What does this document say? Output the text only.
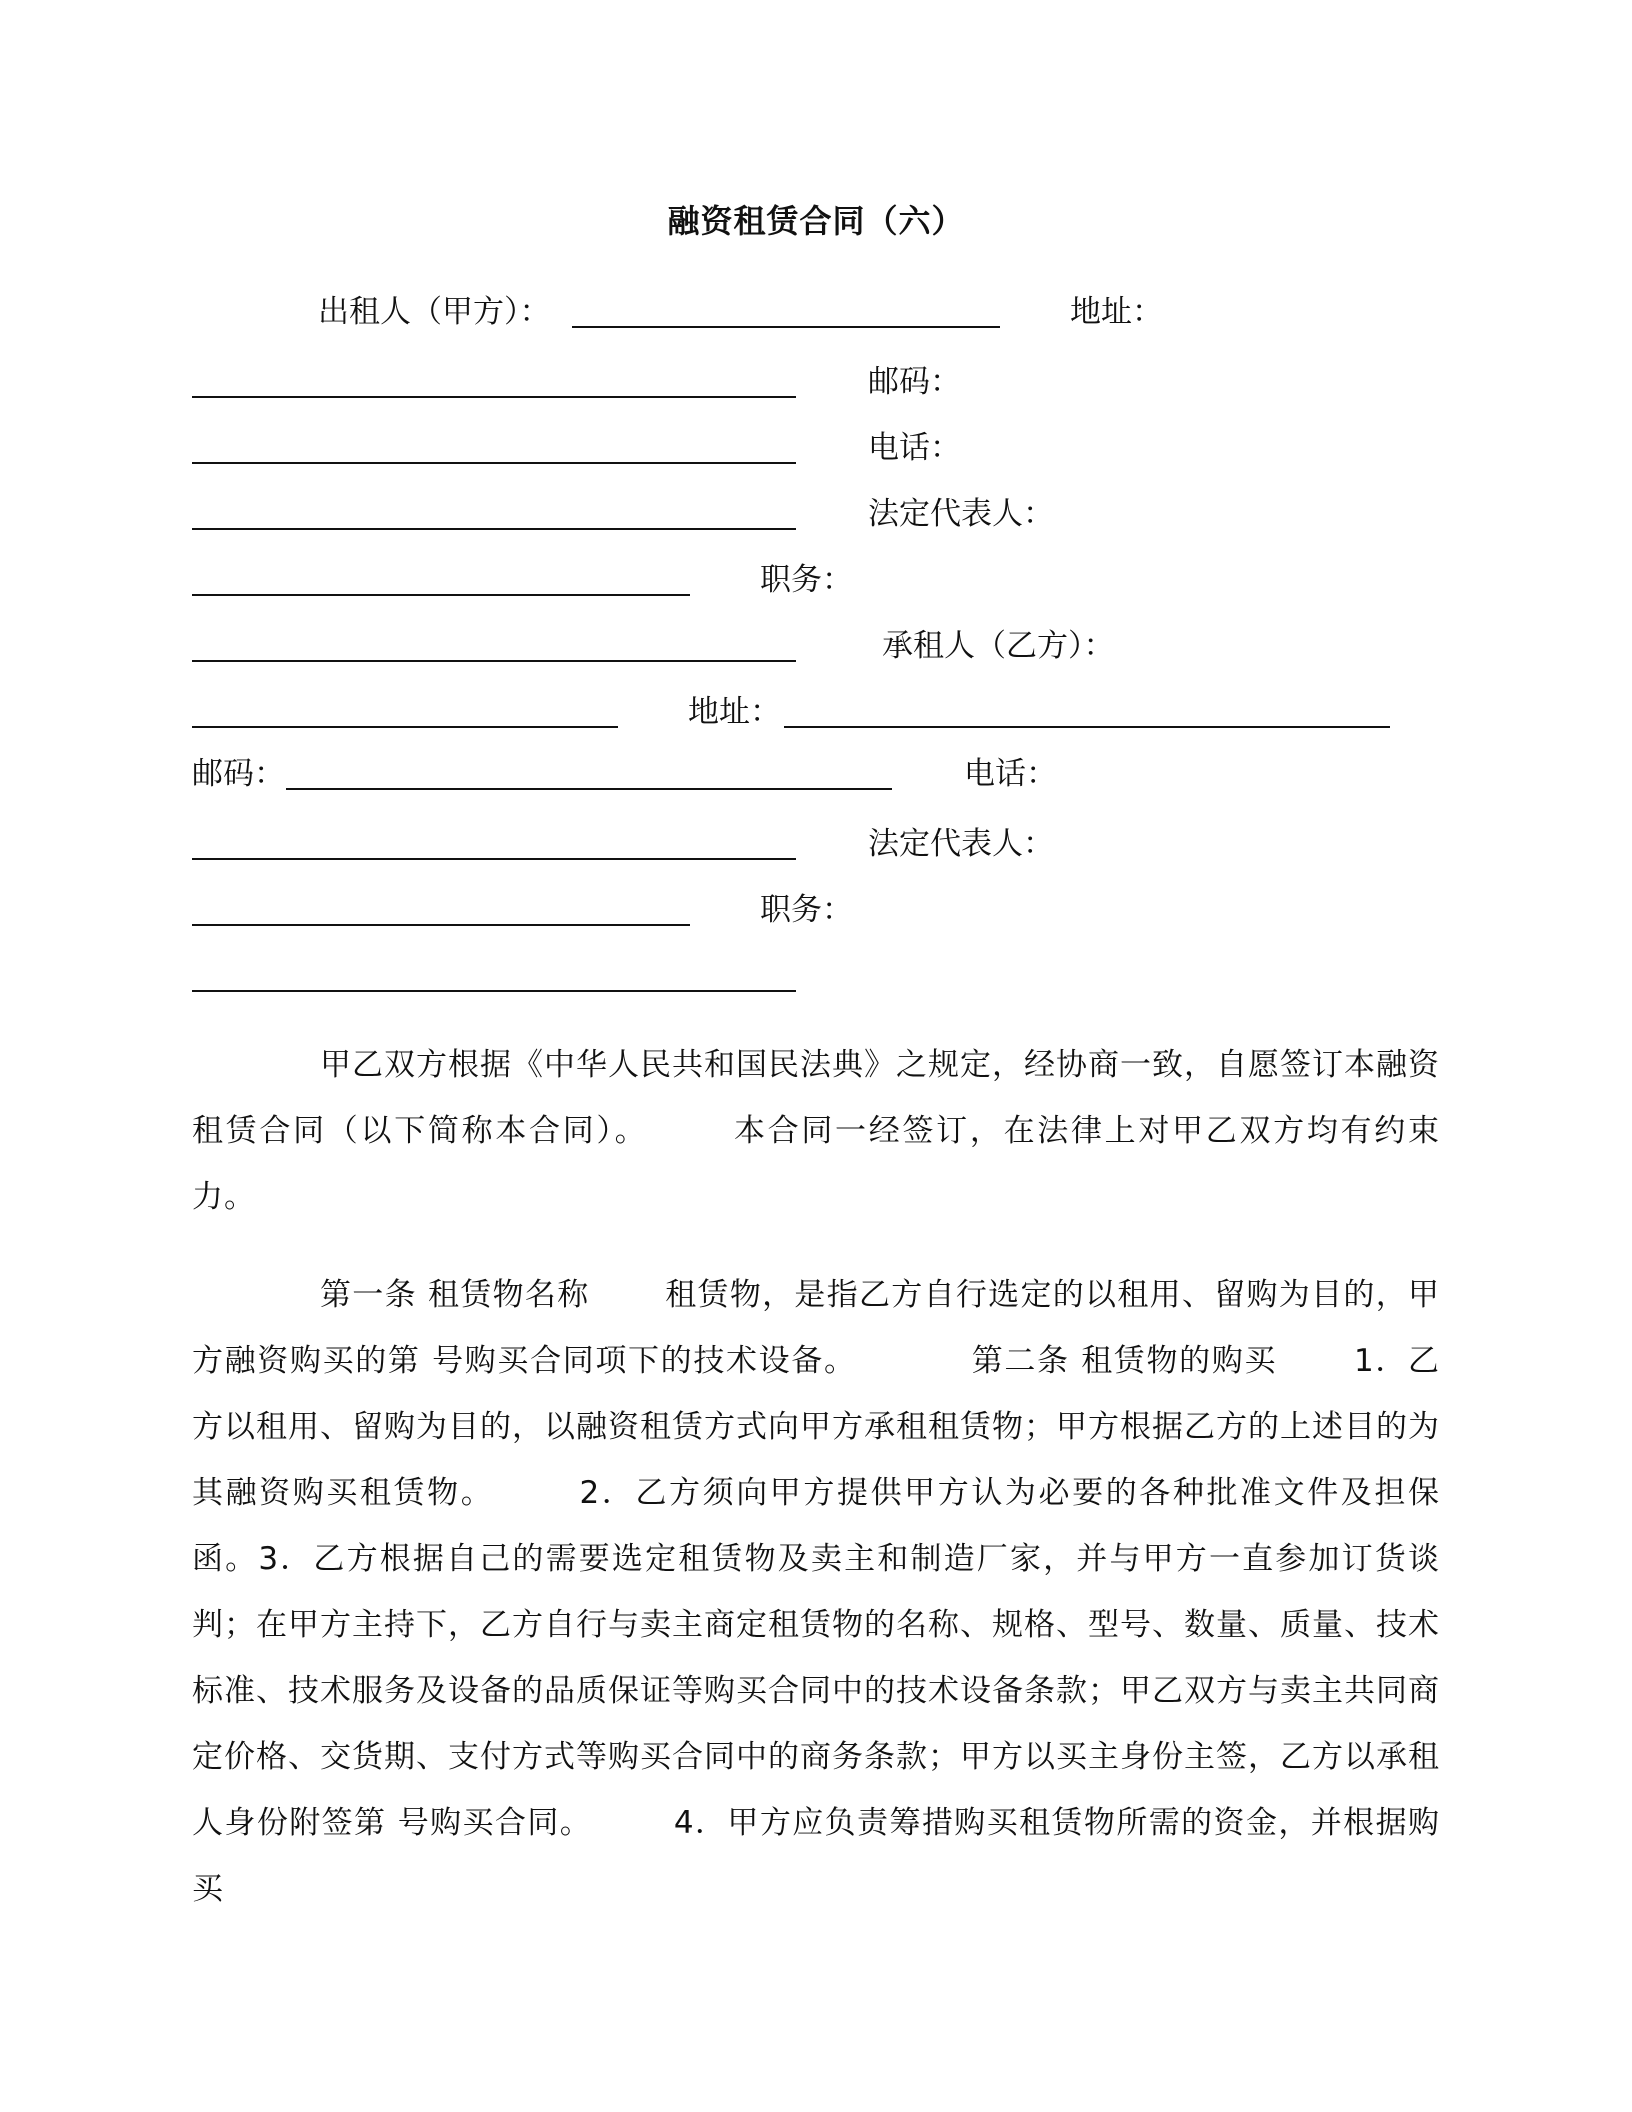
融资租赁合同（六）
出租人（甲方）：	地址：
邮码：
电话：
法定代表人：
职务：
承租人（乙方）：
地址：
邮码：	电话：
法定代表人：
职务：

甲乙双方根据《中华人民共和国民法典》之规定，经协商一致，自愿签订本融资租赁合同（以下简称本合同）。　　　本合同一经签订，在法律上对甲乙双方均有约束力。

第一条 租赁物名称　　 租赁物，是指乙方自行选定的以租用、留购为目的，甲方融资购买的第 号购买合同项下的技术设备。　　　　第二条 租赁物的购买　　 1．乙方以租用、留购为目的，以融资租赁方式向甲方承租租赁物；甲方根据乙方的上述目的为其融资购买租赁物。　　　2．乙方须向甲方提供甲方认为必要的各种批准文件及担保函。3．乙方根据自己的需要选定租赁物及卖主和制造厂家，并与甲方一直参加订货谈判；在甲方主持下，乙方自行与卖主商定租赁物的名称、规格、型号、数量、质量、技术标准、技术服务及设备的品质保证等购买合同中的技术设备条款；甲乙双方与卖主共同商定价格、交货期、支付方式等购买合同中的商务条款；甲方以买主身份主签，乙方以承租人身份附签第 号购买合同。　　　4．甲方应负责筹措购买租赁物所需的资金，并根据购买
